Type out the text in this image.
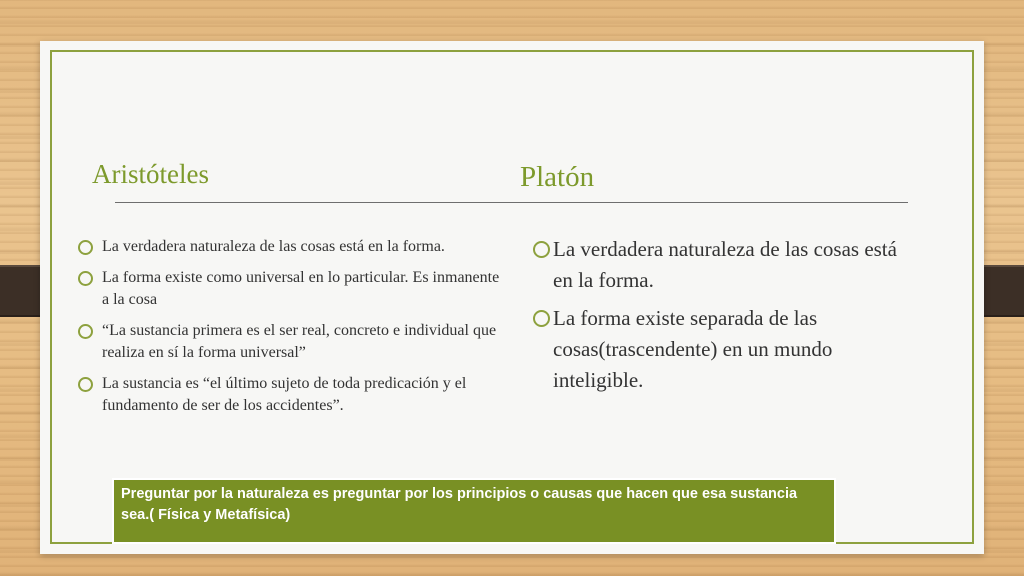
Aristóteles	Platón
La verdadera naturaleza de las cosas está en la forma.
La forma existe como universal en lo particular. Es inmanente a la cosa
“La sustancia primera es el ser real, concreto e individual que realiza en sí la forma universal”
La sustancia es “el último sujeto de toda predicación y el fundamento de ser de los accidentes”.
La verdadera naturaleza de las cosas está en la forma.
La forma existe separada de las cosas(trascendente) en un mundo inteligible.
Preguntar por la naturaleza es preguntar por los principios o causas que hacen que esa sustancia sea.( Física y Metafísica)
